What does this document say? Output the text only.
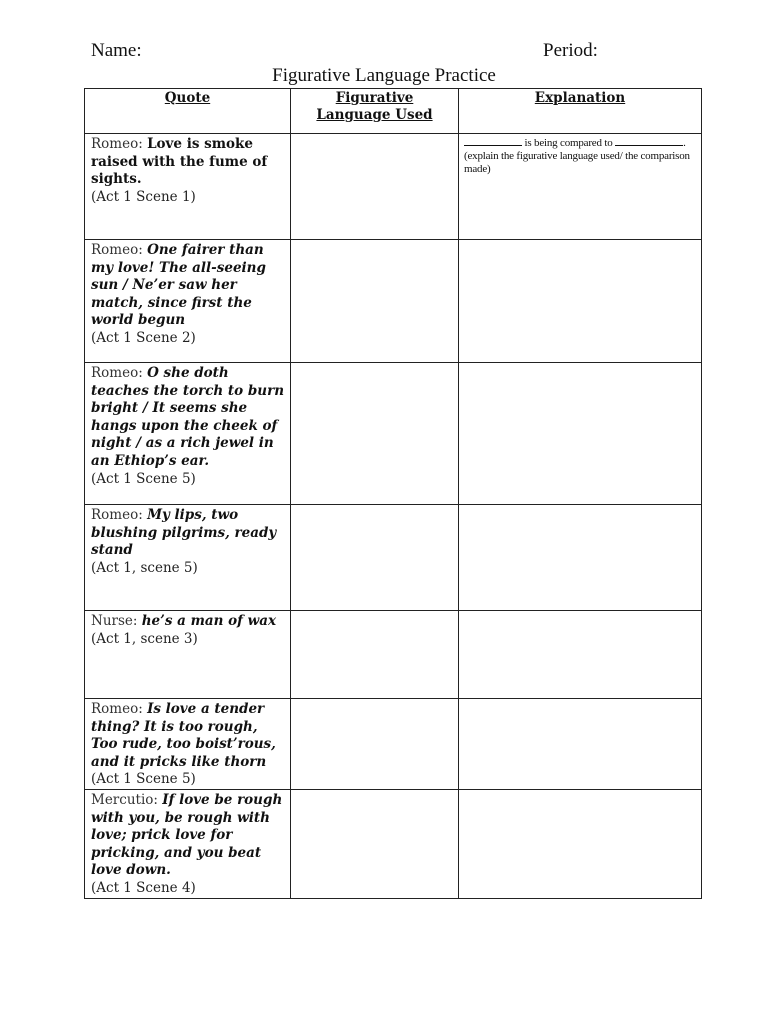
Name:	Period:
Figurative Language Practice
Quote	Figurative Language Used	Explanation
Romeo: Love is smoke raised with the fume of sights.
(Act 1 Scene 1)		is being compared to .
(explain the figurative language used/ the comparison made)
Romeo: One fairer than my love! The all-seeing sun / Ne’er saw her match, since first the world begun
(Act 1 Scene 2)		

Romeo: O she doth teaches the torch to burn bright / It seems she hangs upon the cheek of night / as a rich jewel in an Ethiop’s ear.
(Act 1 Scene 5)		

Romeo: My lips, two blushing pilgrims, ready stand
(Act 1, scene 5)		

Nurse: he’s a man of wax
(Act 1, scene 3)		

Romeo: Is love a tender thing? It is too rough, Too rude, too boist’rous, and it pricks like thorn
(Act 1 Scene 5)		

Mercutio: If love be rough with you, be rough with love; prick love for pricking, and you beat love down.
(Act 1 Scene 4)		
